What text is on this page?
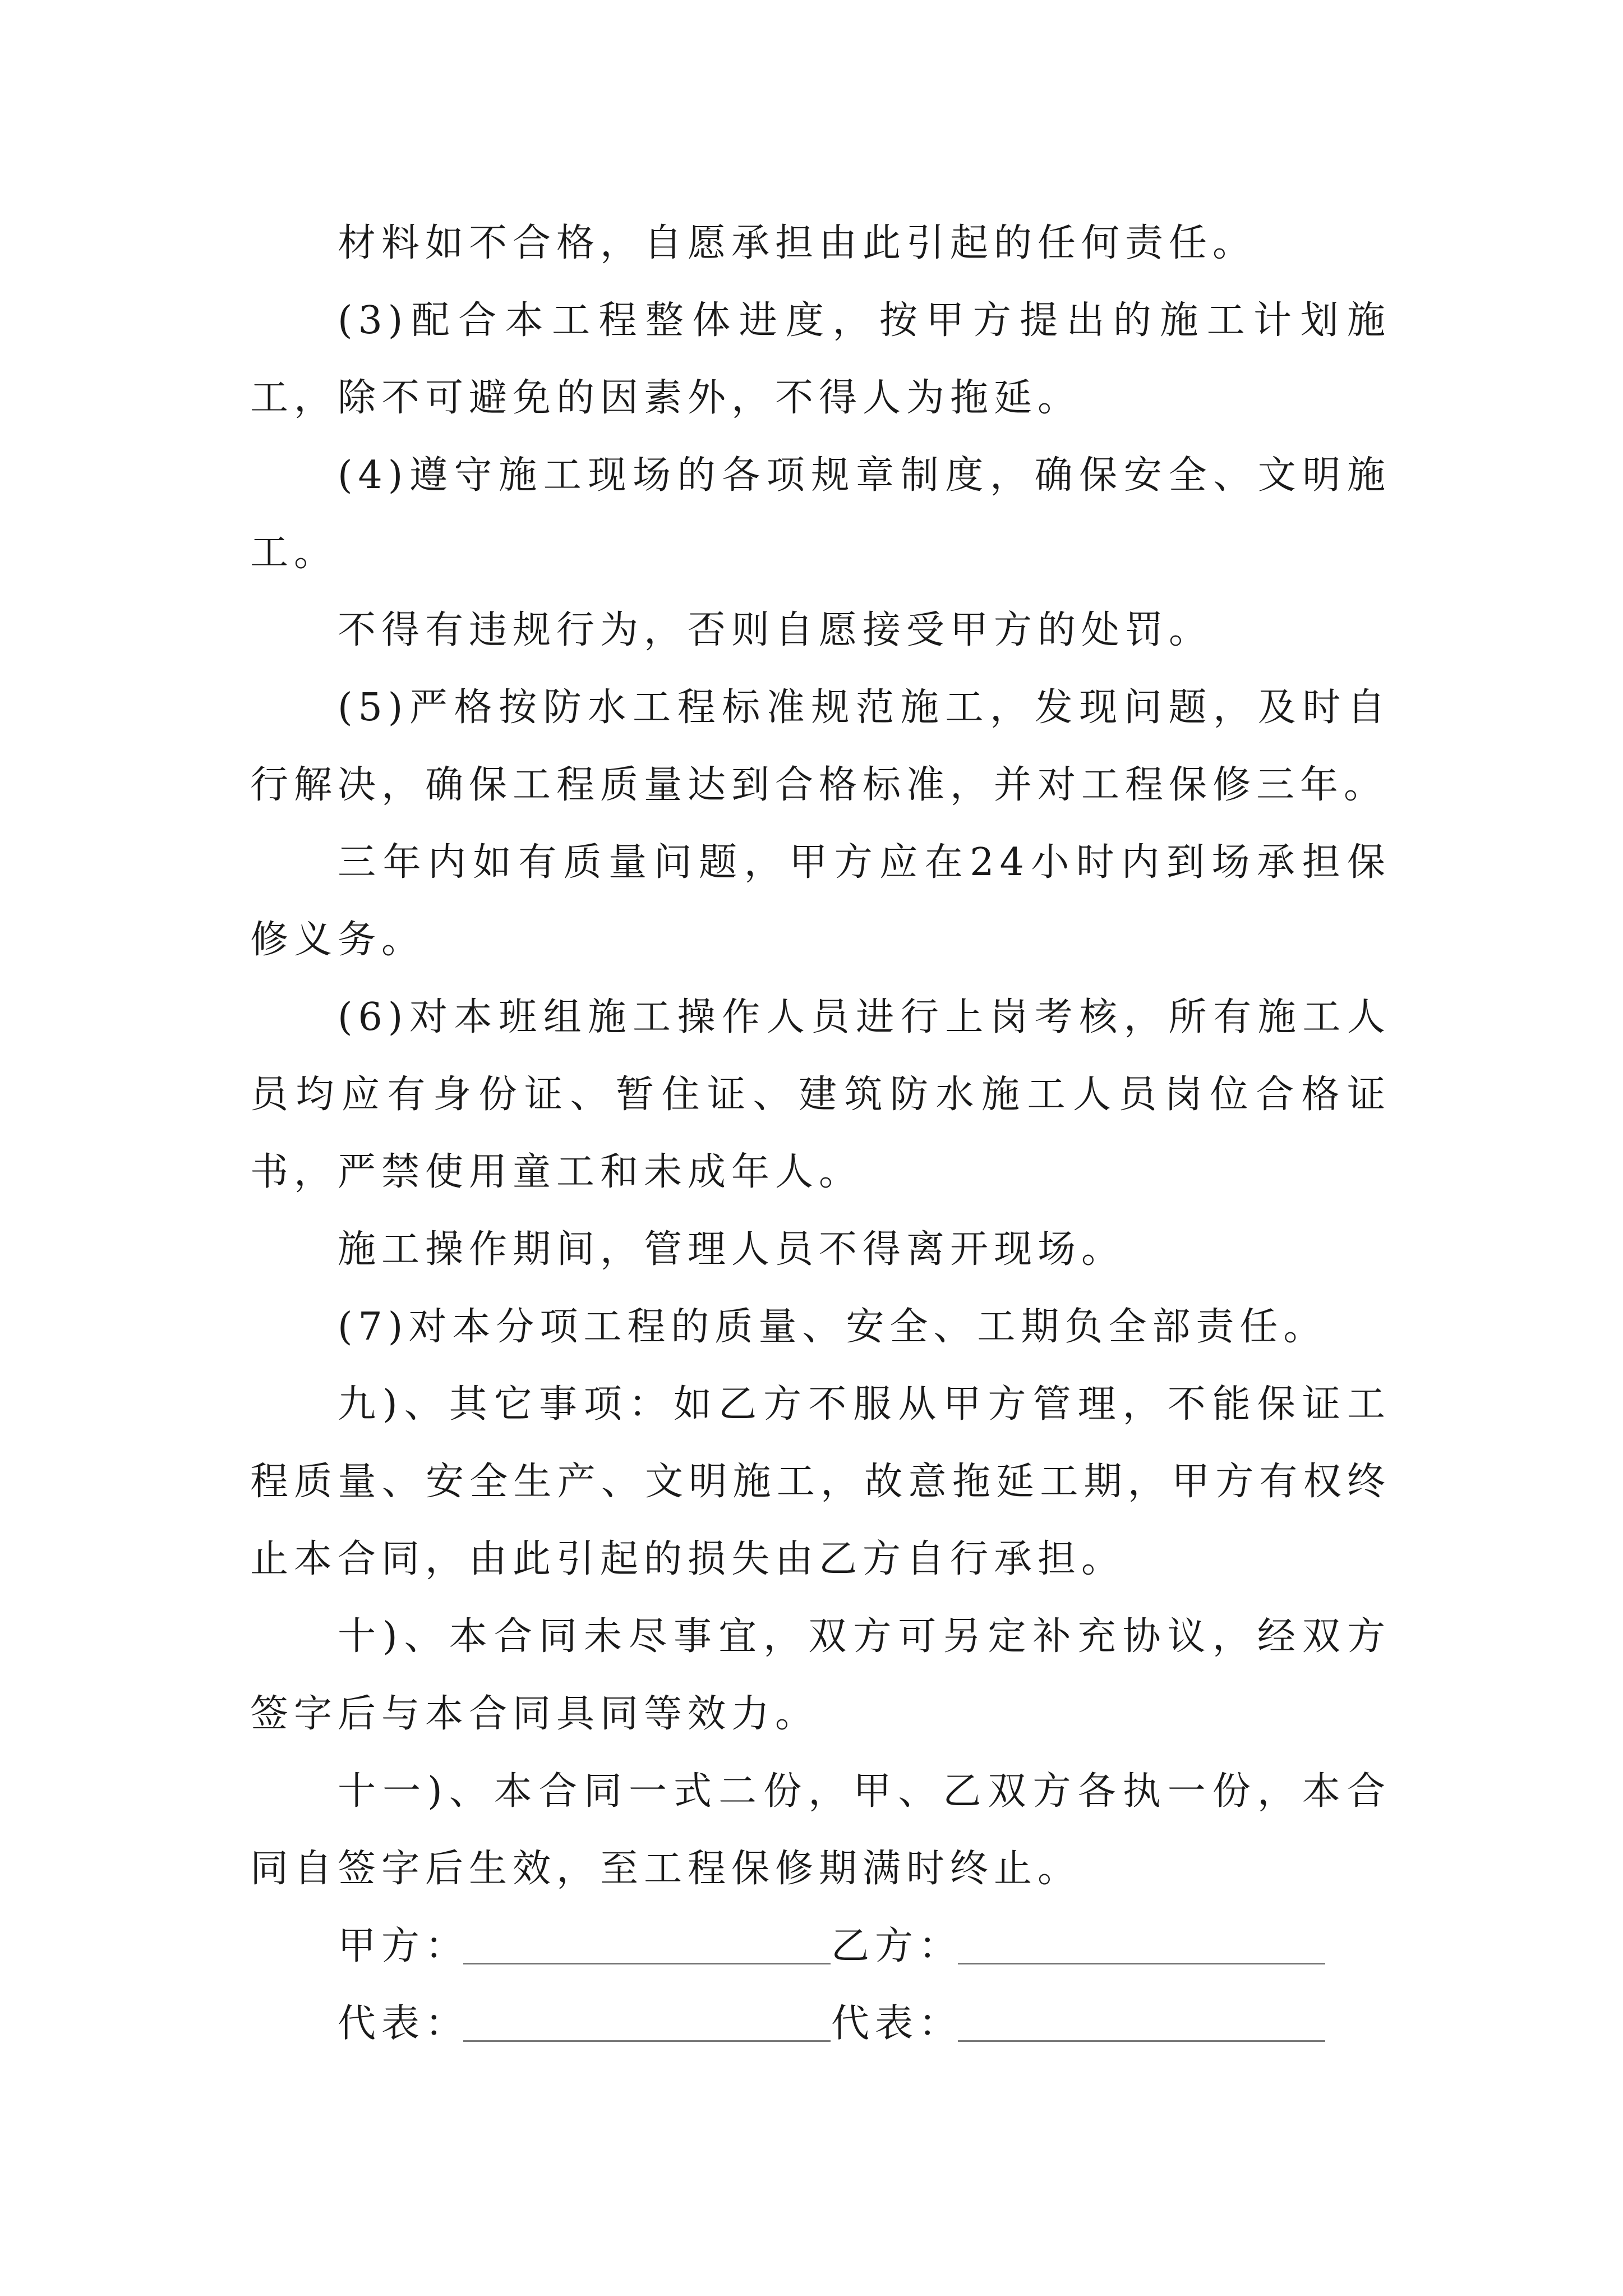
材料如不合格，自愿承担由此引起的任何责任。

(3)配合本工程整体进度，按甲方提出的施工计划施工，除不可避免的因素外，不得人为拖延。

(4)遵守施工现场的各项规章制度，确保安全、文明施工。

不得有违规行为，否则自愿接受甲方的处罚。

(5)严格按防水工程标准规范施工，发现问题，及时自行解决，确保工程质量达到合格标准，并对工程保修三年。

三年内如有质量问题，甲方应在24小时内到场承担保修义务。

(6)对本班组施工操作人员进行上岗考核，所有施工人员均应有身份证、暂住证、建筑防水施工人员岗位合格证书，严禁使用童工和未成年人。

施工操作期间，管理人员不得离开现场。

(7)对本分项工程的质量、安全、工期负全部责任。

九)、其它事项：如乙方不服从甲方管理，不能保证工程质量、安全生产、文明施工，故意拖延工期，甲方有权终止本合同，由此引起的损失由乙方自行承担。

十)、本合同未尽事宜，双方可另定补充协议，经双方签字后与本合同具同等效力。

十一)、本合同一式二份，甲、乙双方各执一份，本合同自签字后生效，至工程保修期满时终止。

甲方：	乙方：
代表：	代表：
